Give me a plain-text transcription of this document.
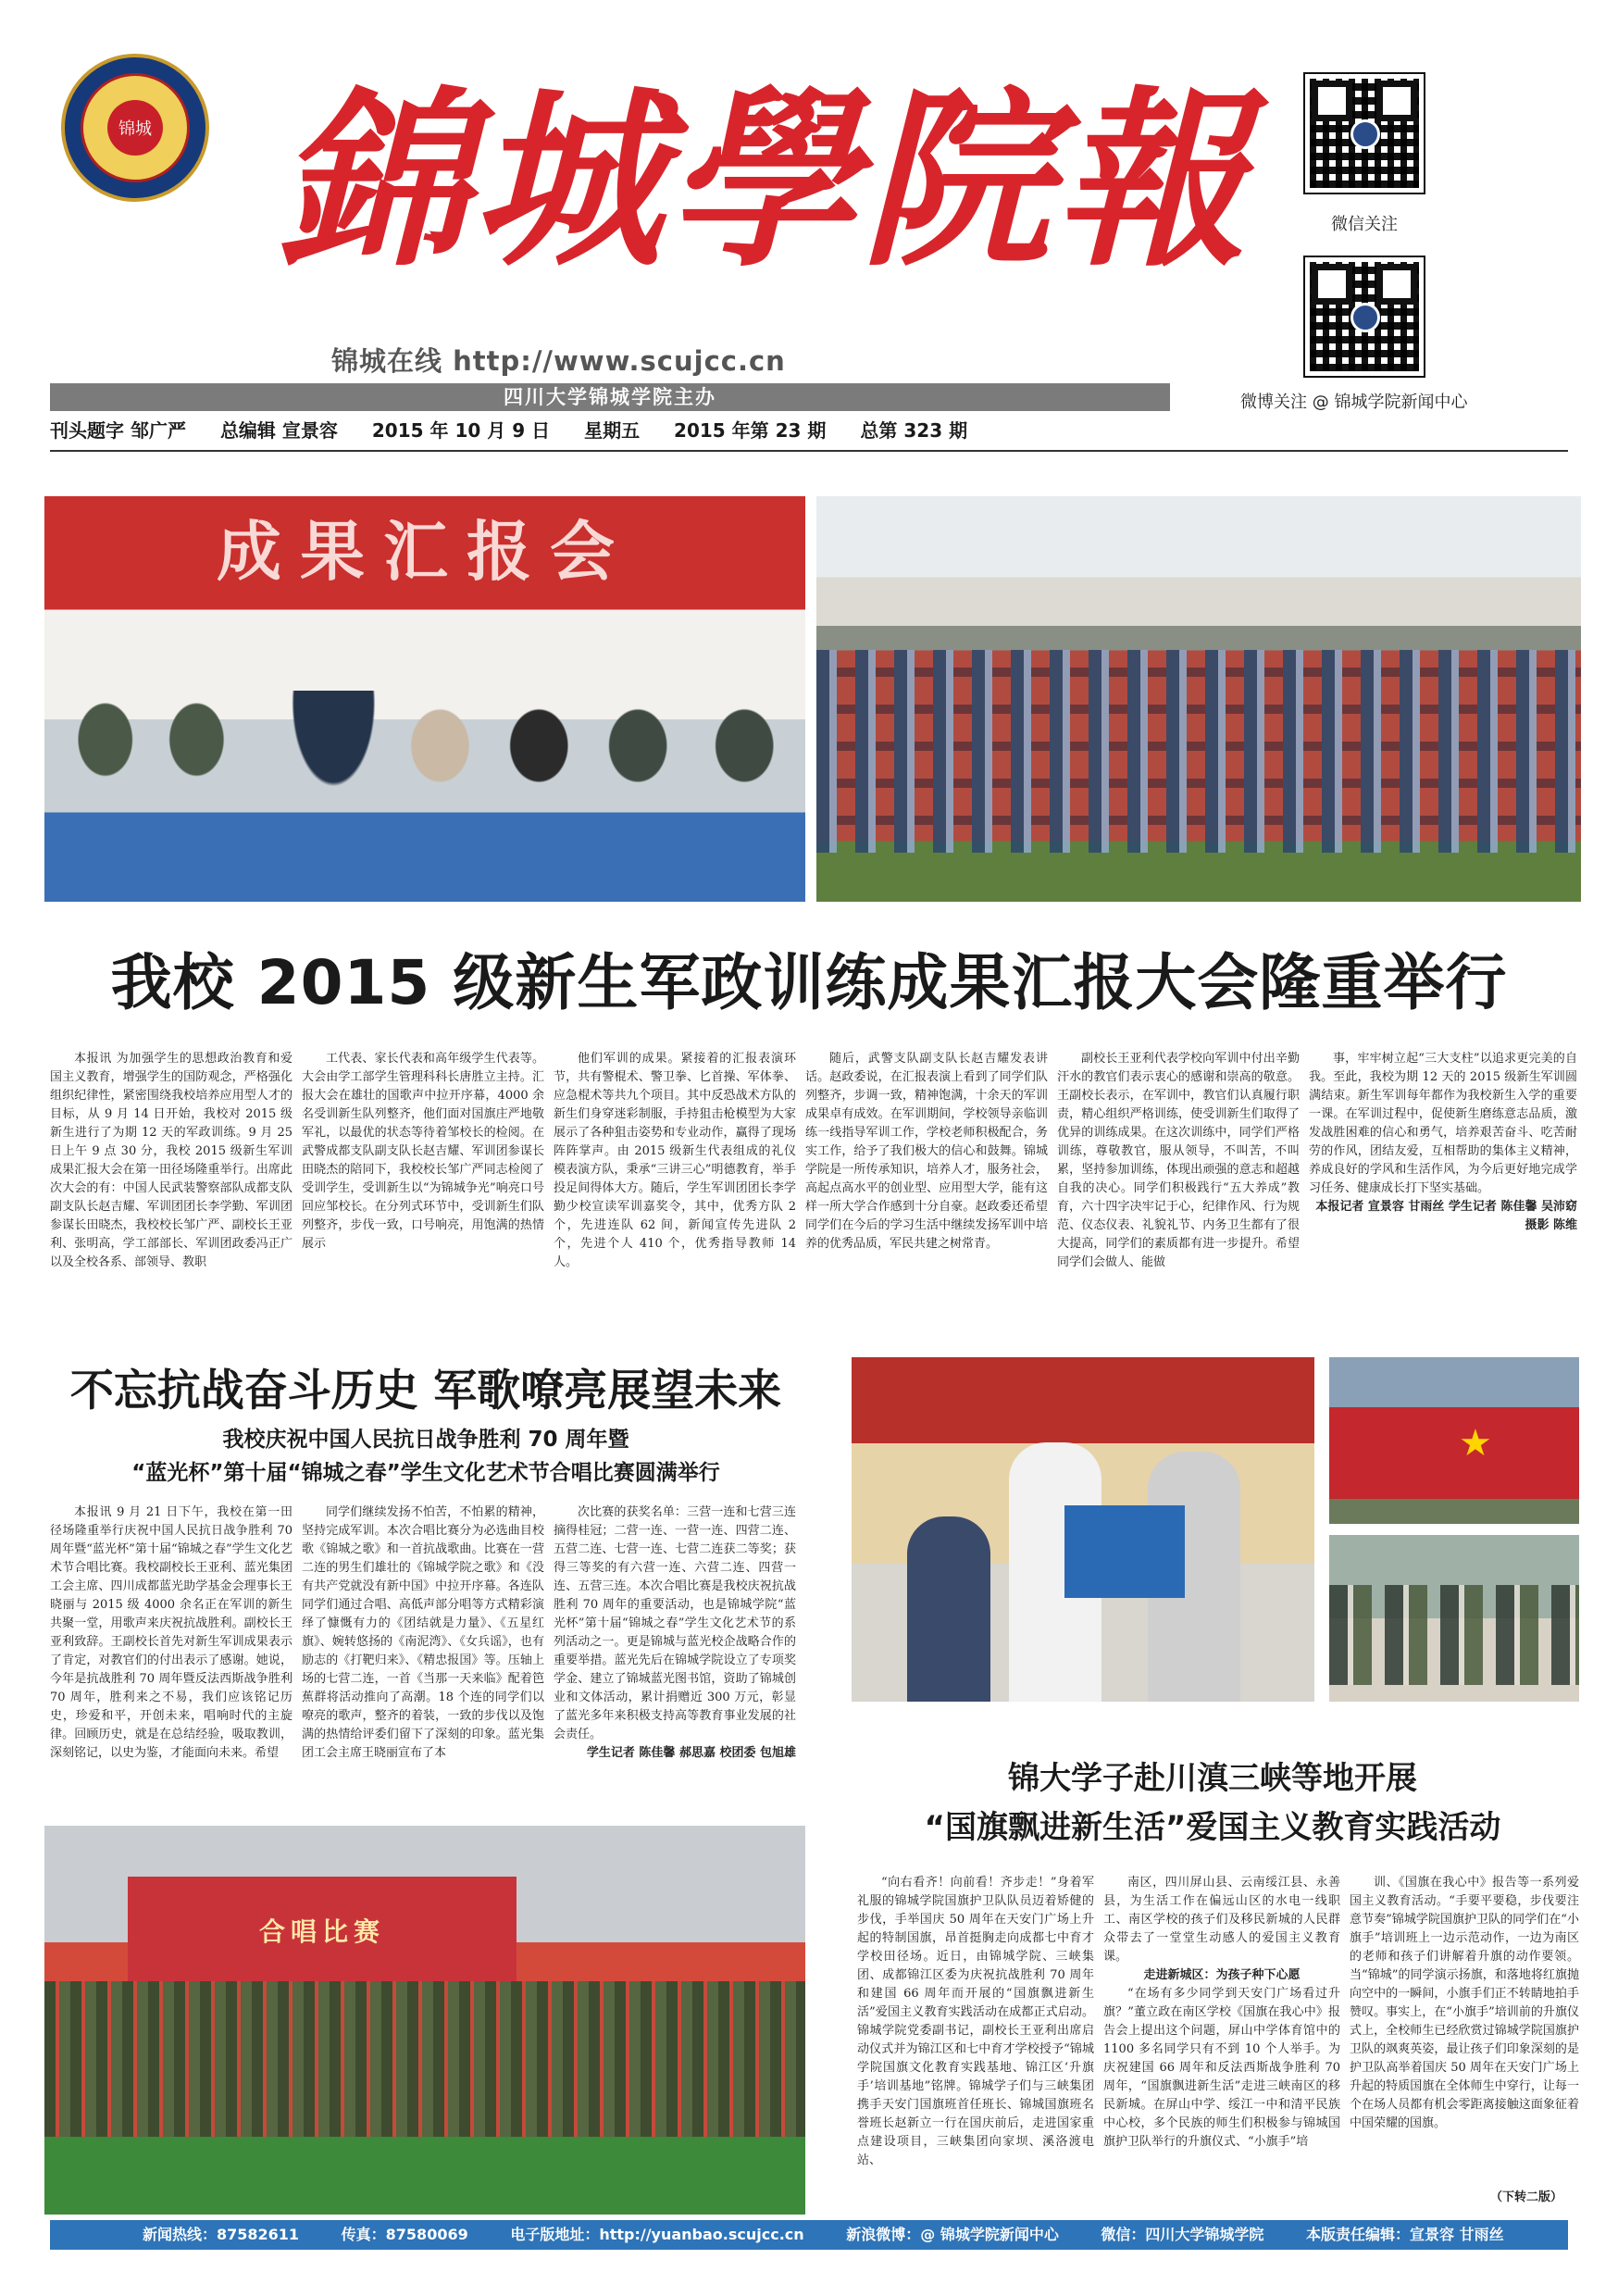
锦城 錦城學院報
锦城在线 http://www.scujcc.cn
四川大学锦城学院主办
微信关注
微博关注 @ 锦城学院新闻中心
刊头题字 邹广严 总编辑 宣景容 2015 年 10 月 9 日 星期五 2015 年第 23 期 总第 323 期
成果汇报会
我校 2015 级新生军政训练成果汇报大会隆重举行

本报讯 为加强学生的思想政治教育和爱国主义教育，增强学生的国防观念，严格强化组织纪律性，紧密围绕我校培养应用型人才的目标，从 9 月 14 日开始，我校对 2015 级新生进行了为期 12 天的军政训练。9 月 25 日上午 9 点 30 分，我校 2015 级新生军训成果汇报大会在第一田径场隆重举行。出席此次大会的有：中国人民武装警察部队成都支队副支队长赵吉耀、军训团团长李学勤、军训团参谋长田晓杰，我校校长邹广严、副校长王亚利、张明高，学工部部长、军训团政委冯正广以及全校各系、部领导、教职

工代表、家长代表和高年级学生代表等。大会由学工部学生管理科科长唐胜立主持。汇报大会在雄壮的国歌声中拉开序幕，4000 余名受训新生队列整齐，他们面对国旗庄严地敬军礼，以最优的状态等待着邹校长的检阅。在武警成都支队副支队长赵吉耀、军训团参谋长田晓杰的陪同下，我校校长邹广严同志检阅了受训学生，受训新生以“为锦城争光”响亮口号回应邹校长。在分列式环节中，受训新生们队列整齐，步伐一致，口号响亮，用饱满的热情展示

他们军训的成果。紧接着的汇报表演环节，共有警棍术、警卫拳、匕首操、军体拳、应急棍术等共九个项目。其中反恐战术方队的新生们身穿迷彩制服，手持狙击枪模型为大家展示了各种狙击姿势和专业动作，赢得了现场阵阵掌声。由 2015 级新生代表组成的礼仪模表演方队，秉承“三讲三心”明德教育，举手投足间得体大方。随后，学生军训团团长李学勤少校宣读军训嘉奖令，其中，优秀方队 2 个，先进连队 62 间，新闻宣传先进队 2 个，先进个人 410 个，优秀指导教师 14 人。

随后，武警支队副支队长赵吉耀发表讲话。赵政委说，在汇报表演上看到了同学们队列整齐，步调一致，精神饱满，十余天的军训成果卓有成效。在军训期间，学校领导亲临训练一线指导军训工作，学校老师积极配合，务实工作，给予了我们极大的信心和鼓舞。锦城学院是一所传承知识，培养人才，服务社会，高起点高水平的创业型、应用型大学，能有这样一所大学合作感到十分自豪。赵政委还希望同学们在今后的学习生活中继续发扬军训中培养的优秀品质，军民共建之树常青。

副校长王亚利代表学校向军训中付出辛勤汗水的教官们表示衷心的感谢和崇高的敬意。王副校长表示，在军训中，教官们认真履行职责，精心组织严格训练，使受训新生们取得了优异的训练成果。在这次训练中，同学们严格训练，尊敬教官，服从领导，不叫苦，不叫累，坚持参加训练，体现出顽强的意志和超越自我的决心。同学们积极践行“五大养成”教育，六十四字决牢记于心，纪律作风、行为规范、仪态仪表、礼貌礼节、内务卫生都有了很大提高，同学们的素质都有进一步提升。希望同学们会做人、能做

事，牢牢树立起“三大支柱”以追求更完美的自我。至此，我校为期 12 天的 2015 级新生军训圆满结束。新生军训每年都作为我校新生入学的重要一课。在军训过程中，促使新生磨练意志品质，激发战胜困难的信心和勇气，培养艰苦奋斗、吃苦耐劳的作风，团结友爱，互相帮助的集体主义精神，养成良好的学风和生活作风，为今后更好地完成学习任务、健康成长打下坚实基础。

本报记者 宣景容 甘雨丝 学生记者 陈佳馨 吴沛窈 摄影 陈维

不忘抗战奋斗历史 军歌嘹亮展望未来
我校庆祝中国人民抗日战争胜利 70 周年暨
“蓝光杯”第十届“锦城之春”学生文化艺术节合唱比赛圆满举行

本报讯 9 月 21 日下午，我校在第一田径场隆重举行庆祝中国人民抗日战争胜利 70 周年暨“蓝光杯”第十届“锦城之春”学生文化艺术节合唱比赛。我校副校长王亚利、蓝光集团工会主席、四川成都蓝光助学基金会理事长王晓丽与 2015 级 4000 余名正在军训的新生共聚一堂，用歌声来庆祝抗战胜利。副校长王亚利致辞。王副校长首先对新生军训成果表示了肯定，对教官们的付出表示了感谢。她说，今年是抗战胜利 70 周年暨反法西斯战争胜利 70 周年，胜利来之不易，我们应该铭记历史，珍爱和平，开创未来，唱响时代的主旋律。回顾历史，就是在总结经验，吸取教训，深刻铭记，以史为鉴，才能面向未来。希望

同学们继续发扬不怕苦，不怕累的精神，坚持完成军训。本次合唱比赛分为必选曲目校歌《锦城之歌》和一首抗战歌曲。比赛在一营二连的男生们雄壮的《锦城学院之歌》和《没有共产党就没有新中国》中拉开序幕。各连队同学们通过合唱、高低声部分唱等方式精彩演绎了慷慨有力的《团结就是力量》、《五星红旗》、婉转悠扬的《南泥湾》、《女兵谣》，也有励志的《打靶归来》、《精忠报国》等。压轴上场的七营二连，一首《当那一天来临》配着笆蕉群将活动推向了高潮。18 个连的同学们以嘹亮的歌声，整齐的着装，一致的步伐以及饱满的热情给评委们留下了深刻的印象。蓝光集团工会主席王晓丽宣布了本

次比赛的获奖名单：三营一连和七营三连摘得桂冠；二营一连、一营一连、四营二连、五营二连、七营一连、七营二连获二等奖；获得三等奖的有六营一连、六营二连、四营一连、五营三连。本次合唱比赛是我校庆祝抗战胜利 70 周年的重要活动，也是锦城学院“蓝光杯”第十届“锦城之春”学生文化艺术节的系列活动之一。更是锦城与蓝光校企战略合作的重要举措。蓝光先后在锦城学院设立了专项奖学金、建立了锦城蓝光图书馆，资助了锦城创业和文体活动，累计捐赠近 300 万元，彰显了蓝光多年来积极支持高等教育事业发展的社会责任。

学生记者 陈佳馨 郝思嘉 校团委 包旭雄

★
锦大学子赴川滇三峡等地开展
“国旗飘进新生活”爱国主义教育实践活动
合唱比赛

“向右看齐！向前看！齐步走！”身着军礼服的锦城学院国旗护卫队队员迈着矫健的步伐，手举国庆 50 周年在天安门广场上升起的特制国旗，昂首挺胸走向成都七中育才学校田径场。近日，由锦城学院、三峡集团、成都锦江区委为庆祝抗战胜利 70 周年和建国 66 周年而开展的“国旗飘进新生活”爱国主义教育实践活动在成都正式启动。锦城学院党委副书记，副校长王亚利出席启动仪式并为锦江区和七中育才学校授予“锦城学院国旗文化教育实践基地、锦江区‘升旗手’培训基地”铭牌。锦城学子们与三峡集团携手天安门国旗班首任班长、锦城国旗班名誉班长赵新立一行在国庆前后，走进国家重点建设项目，三峡集团向家坝、溪洛渡电站、

南区，四川屏山县、云南绥江县、永善县，为生活工作在偏远山区的水电一线职工、南区学校的孩子们及移民新城的人民群众带去了一堂堂生动感人的爱国主义教育课。

走进新城区：为孩子种下心愿

“在场有多少同学到天安门广场看过升旗？”董立政在南区学校《国旗在我心中》报告会上提出这个问题，屏山中学体育馆中的 1100 多名同学只有不到 10 个人举手。为庆祝建国 66 周年和反法西斯战争胜利 70 周年，“国旗飘进新生活”走进三峡南区的移民新城。在屏山中学、绥江一中和清平民族中心校，多个民族的师生们积极参与锦城国旗护卫队举行的升旗仪式、“小旗手”培

训、《国旗在我心中》报告等一系列爱国主义教育活动。“手要平要稳，步伐要注意节奏”锦城学院国旗护卫队的同学们在“小旗手”培训班上一边示范动作，一边为南区的老师和孩子们讲解着升旗的动作要领。当“锦城”的同学演示扬旗，和落地将红旗抛向空中的一瞬间，小旗手们正不转睛地拍手赞叹。事实上，在“小旗手”培训前的升旗仪式上，全校师生已经欣赏过锦城学院国旗护卫队的飒爽英姿，最让孩子们印象深刻的是护卫队高举着国庆 50 周年在天安门广场上升起的特质国旗在全体师生中穿行，让每一个在场人员都有机会零距离接触这面象征着中国荣耀的国旗。

（下转二版）
新闻热线：87582611	传真：87580069	电子版地址：http://yuanbao.scujcc.cn	新浪微博：@ 锦城学院新闻中心	微信：四川大学锦城学院	本版责任编辑：宣景容 甘雨丝
